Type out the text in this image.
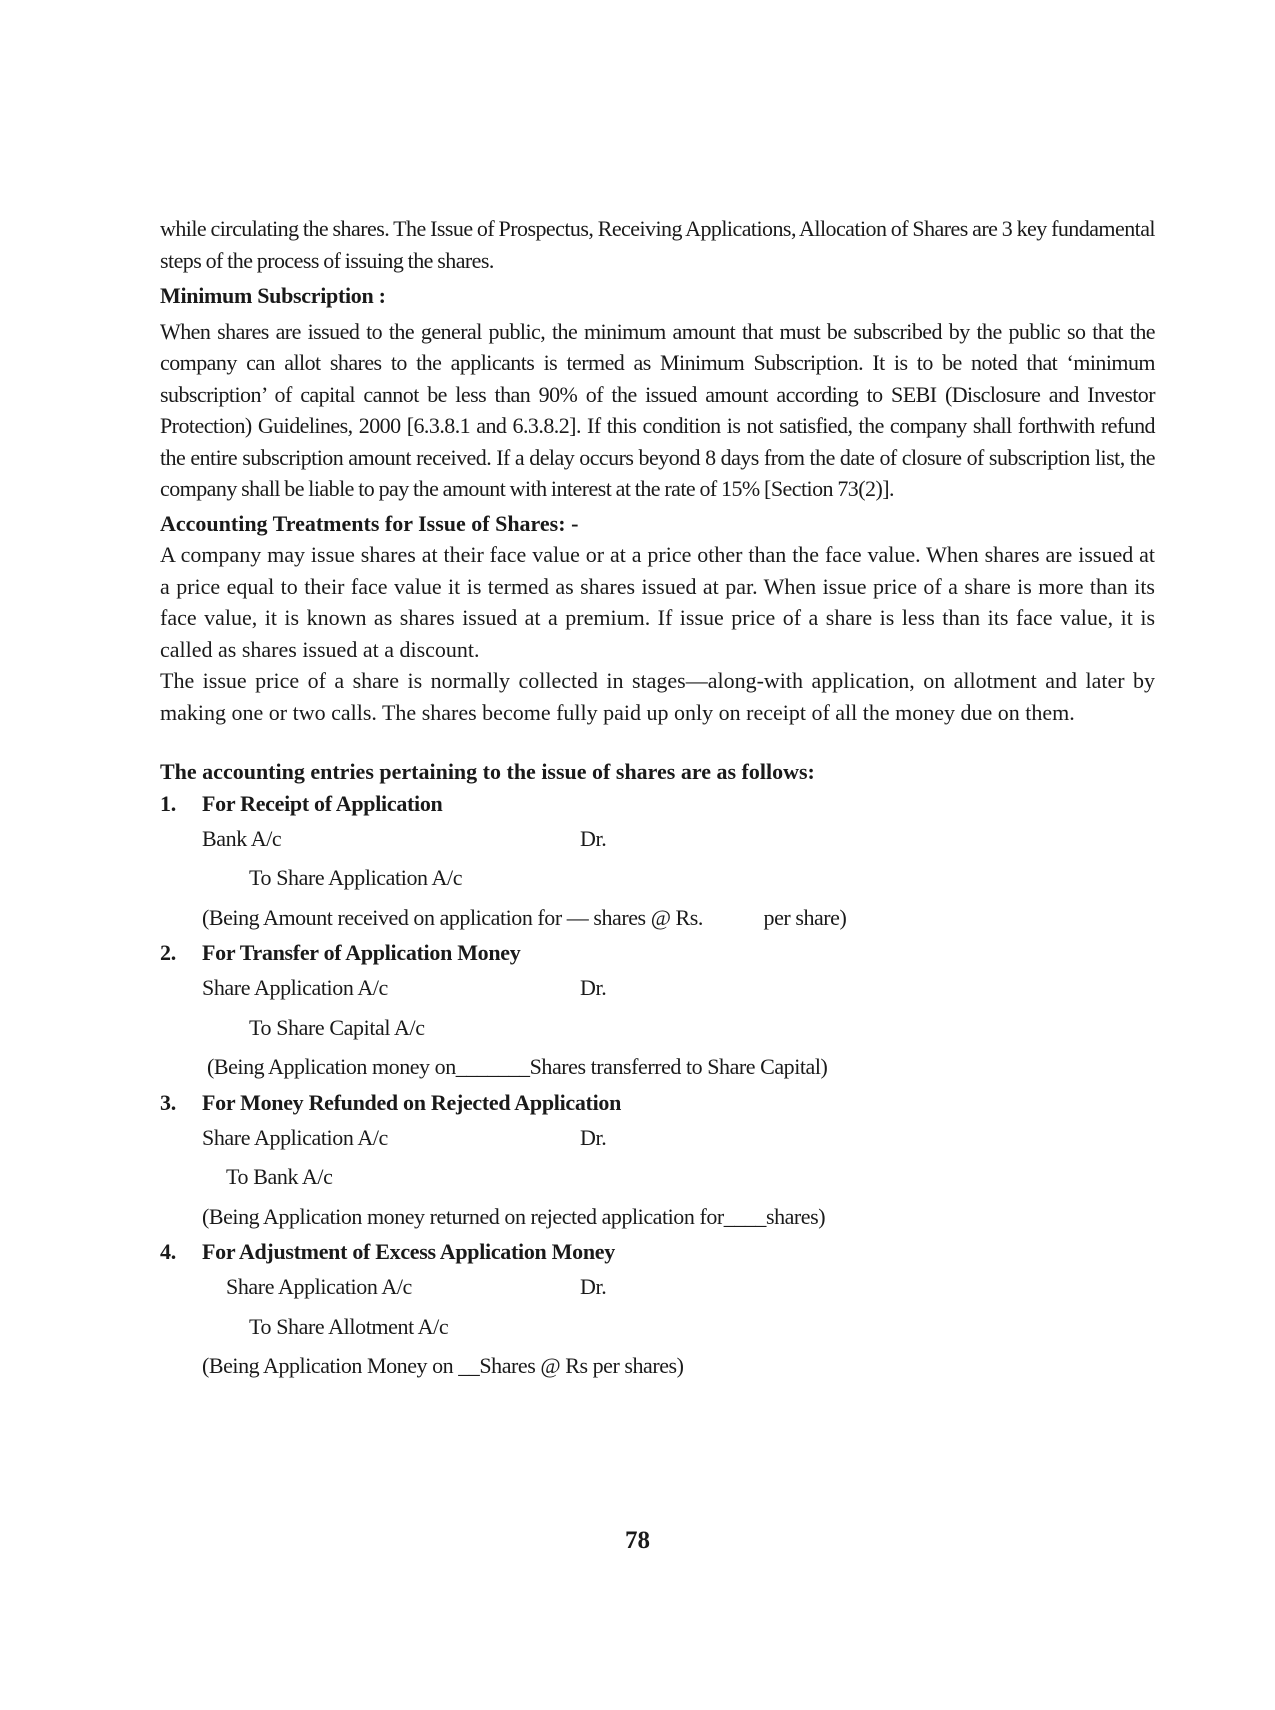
while circulating the shares. The Issue of Prospectus, Receiving Applications, Allocation of Shares are 3 key fundamental steps of the process of issuing the shares.

Minimum Subscription :

When shares are issued to the general public, the minimum amount that must be subscribed by the public so that the company can allot shares to the applicants is termed as Minimum Subscription. It is to be noted that ‘minimum subscription’ of capital cannot be less than 90% of the issued amount according to SEBI (Disclosure and Investor Protection) Guidelines, 2000 [6.3.8.1 and 6.3.8.2]. If this condition is not satisfied, the company shall forthwith refund the entire subscription amount received. If a delay occurs beyond 8 days from the date of closure of subscription list, the company shall be liable to pay the amount with interest at the rate of 15% [Section 73(2)].

Accounting Treatments for Issue of Shares: -

A company may issue shares at their face value or at a price other than the face value. When shares are issued at a price equal to their face value it is termed as shares issued at par. When issue price of a share is more than its face value, it is known as shares issued at a premium. If issue price of a share is less than its face value, it is called as shares issued at a discount.

The issue price of a share is normally collected in stages—along-with application, on allotment and later by making one or two calls. The shares become fully paid up only on receipt of all the money due on them.

The accounting entries pertaining to the issue of shares are as follows:

1.	For Receipt of Application
Bank A/c	Dr.
To Share Application A/c
(Being Amount received on application for — shares @ Rs.            per share)
2.	For Transfer of Application Money
Share Application A/c	Dr.
To Share Capital A/c
(Being Application money on_______Shares transferred to Share Capital)
3.	For Money Refunded on Rejected Application
Share Application A/c	Dr.
To Bank A/c
(Being Application money returned on rejected application for____shares)
4.	For Adjustment of Excess Application Money
Share Application A/c	Dr.
To Share Allotment A/c
(Being Application Money on __Shares @ Rs per shares)
78
